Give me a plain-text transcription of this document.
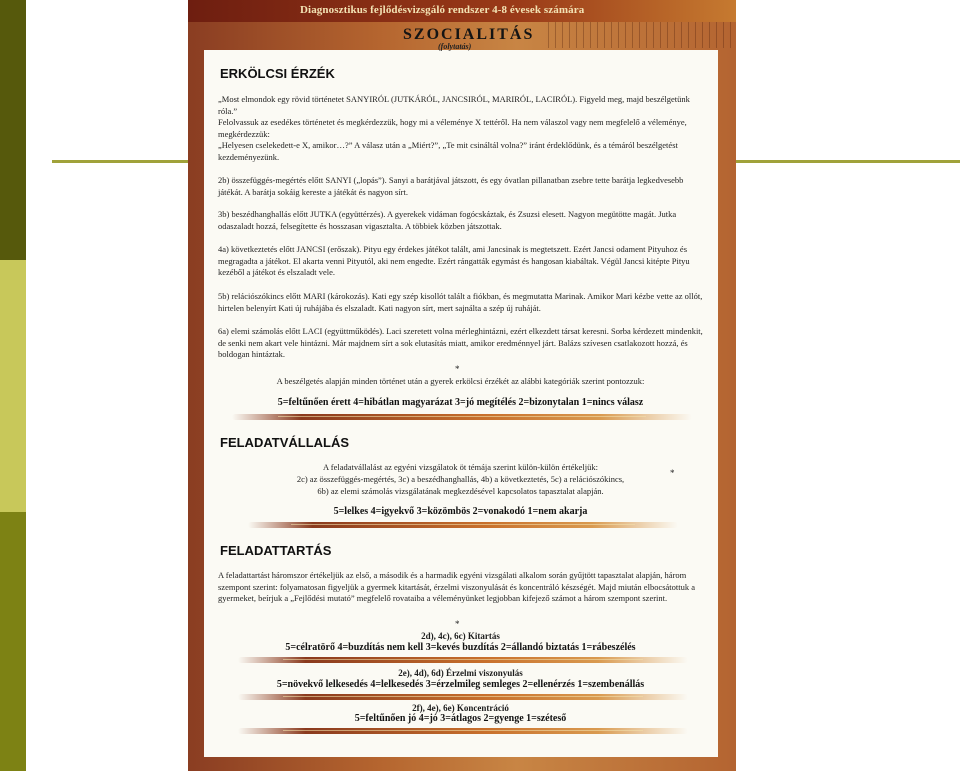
Diagnosztikus fejlődésvizsgáló rendszer 4-8 évesek számára
SZOCIALITÁS
(folytatás)
ERKÖLCSI ÉRZÉK

„Most elmondok egy rövid történetet SANYIRÓL (JUTKÁRÓL, JANCSIRÓL, MARIRÓL, LACIRÓL). Figyeld meg, majd beszélgetünk róla.”

Felolvassuk az esedékes történetet és megkérdezzük, hogy mi a véleménye X tettéről. Ha nem válaszol vagy nem megfelelő a véleménye, megkérdezzük:

„Helyesen cselekedett-e X, amikor…?” A válasz után a „Miért?”, „Te mit csináltál volna?” iránt érdeklődünk, és a témáról beszélgetést kezdeményezünk.

2b) összefüggés-megértés előtt SANYI („lopás”). Sanyi a barátjával játszott, és egy óvatlan pillanatban zsebre tette barátja legkedvesebb játékát. A barátja sokáig kereste a játékát és nagyon sírt.

3b) beszédhanghallás előtt JUTKA (együttérzés). A gyerekek vidáman fogócskáztak, és Zsuzsi elesett. Nagyon megütötte magát. Jutka odaszaladt hozzá, felsegítette és hosszasan vigasztalta. A többiek közben játszottak.

4a) következtetés előtt JANCSI (erőszak). Pityu egy érdekes játékot talált, ami Jancsinak is megtetszett. Ezért Jancsi odament Pityuhoz és megragadta a játékot. El akarta venni Pityutól, aki nem engedte. Ezért rángatták egymást és hangosan kiabáltak. Végül Jancsi kitépte Pityu kezéből a játékot és elszaladt vele.

5b) relációszókincs előtt MARI (károkozás). Kati egy szép kisollót talált a fiókban, és megmutatta Marinak. Amikor Mari kézbe vette az ollót, hirtelen belenyírt Kati új ruhájába és elszaladt. Kati nagyon sírt, mert sajnálta a szép új ruháját.

6a) elemi számolás előtt LACI (együttműködés). Laci szeretett volna mérleghintázni, ezért elkezdett társat keresni. Sorba kérdezett mindenkit, de senki nem akart vele hintázni. Már majdnem sírt a sok elutasítás miatt, amikor eredménnyel járt. Balázs szívesen csatlakozott hozzá, és boldogan hintáztak.

*
A beszélgetés alapján minden történet után a gyerek erkölcsi érzékét az alábbi kategóriák szerint pontozzuk:
5=feltűnően érett 4=hibátlan magyarázat 3=jó megítélés 2=bizonytalan 1=nincs válasz
FELADATVÁLLALÁS
A feladatvállalást az egyéni vizsgálatok öt témája szerint külön-külön értékeljük:
2c) az összefüggés-megértés, 3c) a beszédhanghallás, 4b) a következtetés, 5c) a relációszókincs,
6b) az elemi számolás vizsgálatának megkezdésével kapcsolatos tapasztalat alapján.
*
5=lelkes 4=igyekvő 3=közömbös 2=vonakodó 1=nem akarja
FELADATTARTÁS

A feladattartást háromszor értékeljük az első, a második és a harmadik egyéni vizsgálati alkalom során gyűjtött tapasztalat alapján, három szempont szerint: folyamatosan figyeljük a gyermek kitartását, érzelmi viszonyulását és koncentráló készségét. Majd miután elbocsátottuk a gyermeket, beírjuk a „Fejlődési mutató” megfelelő rovataiba a véleményünket legjobban kifejező számot a három szempont szerint.

*
2d), 4c), 6c) Kitartás
5=célratörő 4=buzdítás nem kell 3=kevés buzdítás 2=állandó biztatás 1=rábeszélés
2e), 4d), 6d) Érzelmi viszonyulás
5=növekvő lelkesedés 4=lelkesedés 3=érzelmileg semleges 2=ellenérzés 1=szembenállás
2f), 4e), 6e) Koncentráció
5=feltűnően jó 4=jó 3=átlagos 2=gyenge 1=széteső
